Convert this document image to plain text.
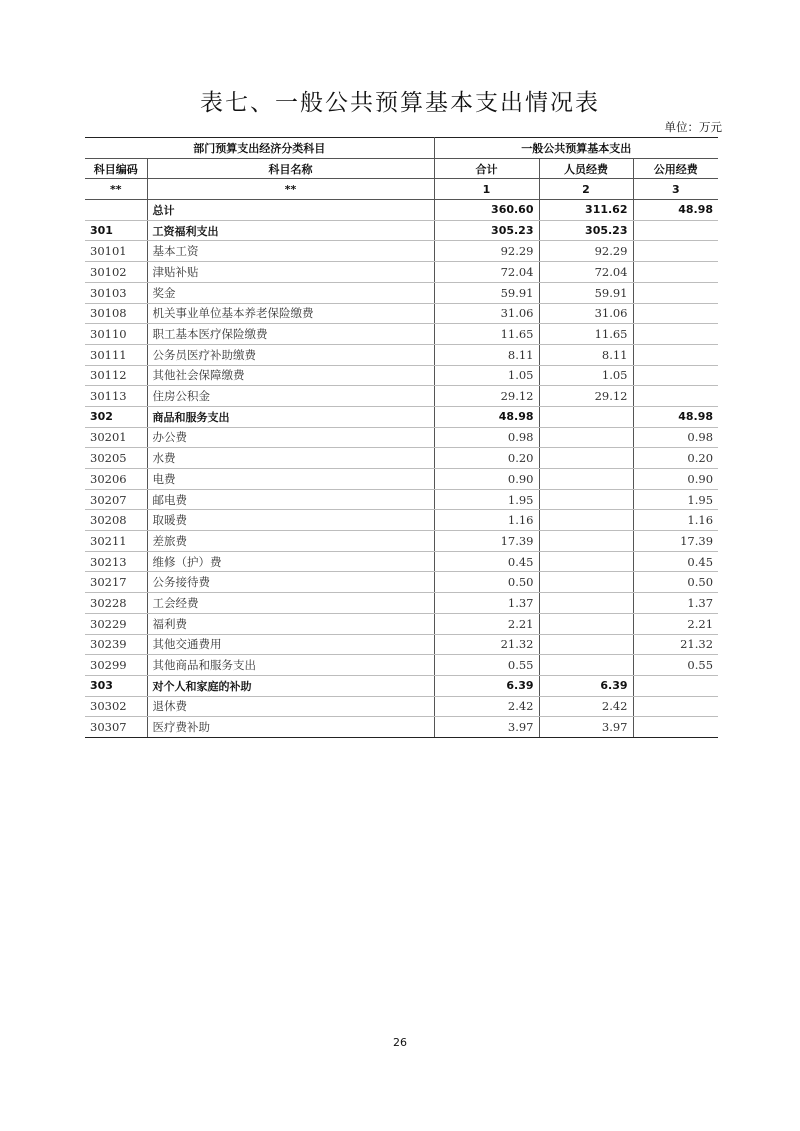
表七、一般公共预算基本支出情况表
单位：万元
部门预算支出经济分类科目		一般公共预算基本支出		
科目编码	科目名称	合计	人员经费	公用经费
**	**	1	2	3
	总计	360.60	311.62	48.98
301	工资福利支出	305.23	305.23	
30101	基本工资	92.29	92.29	
30102	津贴补贴	72.04	72.04	
30103	奖金	59.91	59.91	
30108	机关事业单位基本养老保险缴费	31.06	31.06	
30110	职工基本医疗保险缴费	11.65	11.65	
30111	公务员医疗补助缴费	8.11	8.11	
30112	其他社会保障缴费	1.05	1.05	
30113	住房公积金	29.12	29.12	
302	商品和服务支出	48.98		48.98
30201	办公费	0.98		0.98
30205	水费	0.20		0.20
30206	电费	0.90		0.90
30207	邮电费	1.95		1.95
30208	取暖费	1.16		1.16
30211	差旅费	17.39		17.39
30213	维修（护）费	0.45		0.45
30217	公务接待费	0.50		0.50
30228	工会经费	1.37		1.37
30229	福利费	2.21		2.21
30239	其他交通费用	21.32		21.32
30299	其他商品和服务支出	0.55		0.55
303	对个人和家庭的补助	6.39	6.39	
30302	退休费	2.42	2.42	
30307	医疗费补助	3.97	3.97	
26
